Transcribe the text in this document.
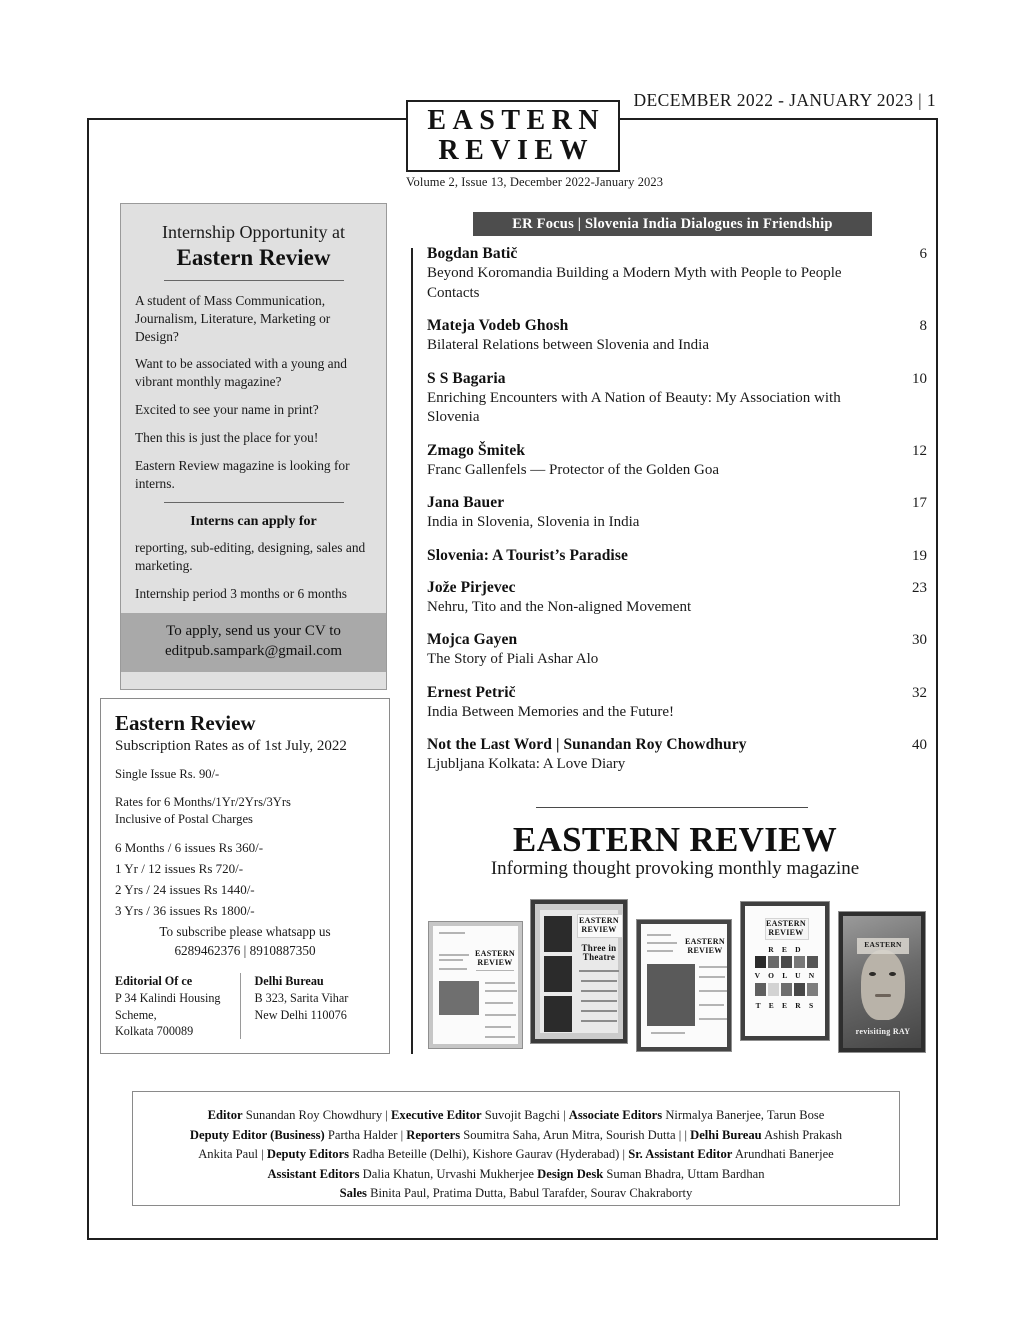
DECEMBER 2022 - JANUARY 2023 | 1
EASTERN
REVIEW
Volume 2, Issue 13, December 2022-January 2023
Internship Opportunity at
Eastern Review

A student of Mass Communication, Journalism, Literature, Marketing or Design?

Want to be associated with a young and vibrant monthly magazine?

Excited to see your name in print?

Then this is just the place for you!

Eastern Review magazine is looking for interns.

Interns can apply for

reporting, sub-editing, designing, sales and marketing.

Internship period 3 months or 6 months

To apply, send us your CV to
editpub.sampark@gmail.com
Eastern Review
Subscription Rates as of 1st July, 2022
Single Issue Rs. 90/-
Rates for 6 Months/1Yr/2Yrs/3Yrs
Inclusive of Postal Charges
6 Months / 6 issues Rs 360/-
1 Yr / 12 issues Rs 720/-
2 Yrs / 24 issues Rs 1440/-
3 Yrs / 36 issues Rs 1800/-
To subscribe please whatsapp us
6289462376 | 8910887350
Editorial Of ce
P 34 Kalindi Housing Scheme,
Kolkata 700089
Delhi Bureau
B 323, Sarita Vihar
New Delhi 110076
ER Focus | Slovenia India Dialogues in Friendship
Bogdan Batič	6
Beyond Koromandia Building a Modern Myth with People to People Contacts
Mateja Vodeb Ghosh	8
Bilateral Relations between Slovenia and India
S S Bagaria	10
Enriching Encounters with A Nation of Beauty: My Association with Slovenia
Zmago Šmitek	12
Franc Gallenfels — Protector of the Golden Goa
Jana Bauer	17
India in Slovenia, Slovenia in India
Slovenia: A Tourist’s Paradise	19
Jože Pirjevec	23
Nehru, Tito and the Non-aligned Movement
Mojca Gayen	30
The Story of Piali Ashar Alo
Ernest Petrič	32
India Between Memories and the Future!
Not the Last Word | Sunandan Roy Chowdhury	40
Ljubljana Kolkata: A Love Diary
EASTERN REVIEW
Informing thought provoking monthly magazine
EASTERN
REVIEW
EASTERN
REVIEW
Three in Theatre
EASTERN
REVIEW
EASTERN
REVIEW
R E D
V O L U N
T E E R S
EASTERN
revisiting RAY
Editor Sunandan Roy Chowdhury | Executive Editor Suvojit Bagchi | Associate Editors Nirmalya Banerjee, Tarun Bose
Deputy Editor (Business) Partha Halder | Reporters Soumitra Saha, Arun Mitra, Sourish Dutta | | Delhi Bureau Ashish Prakash
Ankita Paul | Deputy Editors Radha Beteille (Delhi), Kishore Gaurav (Hyderabad) | Sr. Assistant Editor Arundhati Banerjee
Assistant Editors Dalia Khatun, Urvashi Mukherjee Design Desk Suman Bhadra, Uttam Bardhan
Sales Binita Paul, Pratima Dutta, Babul Tarafder, Sourav Chakraborty
